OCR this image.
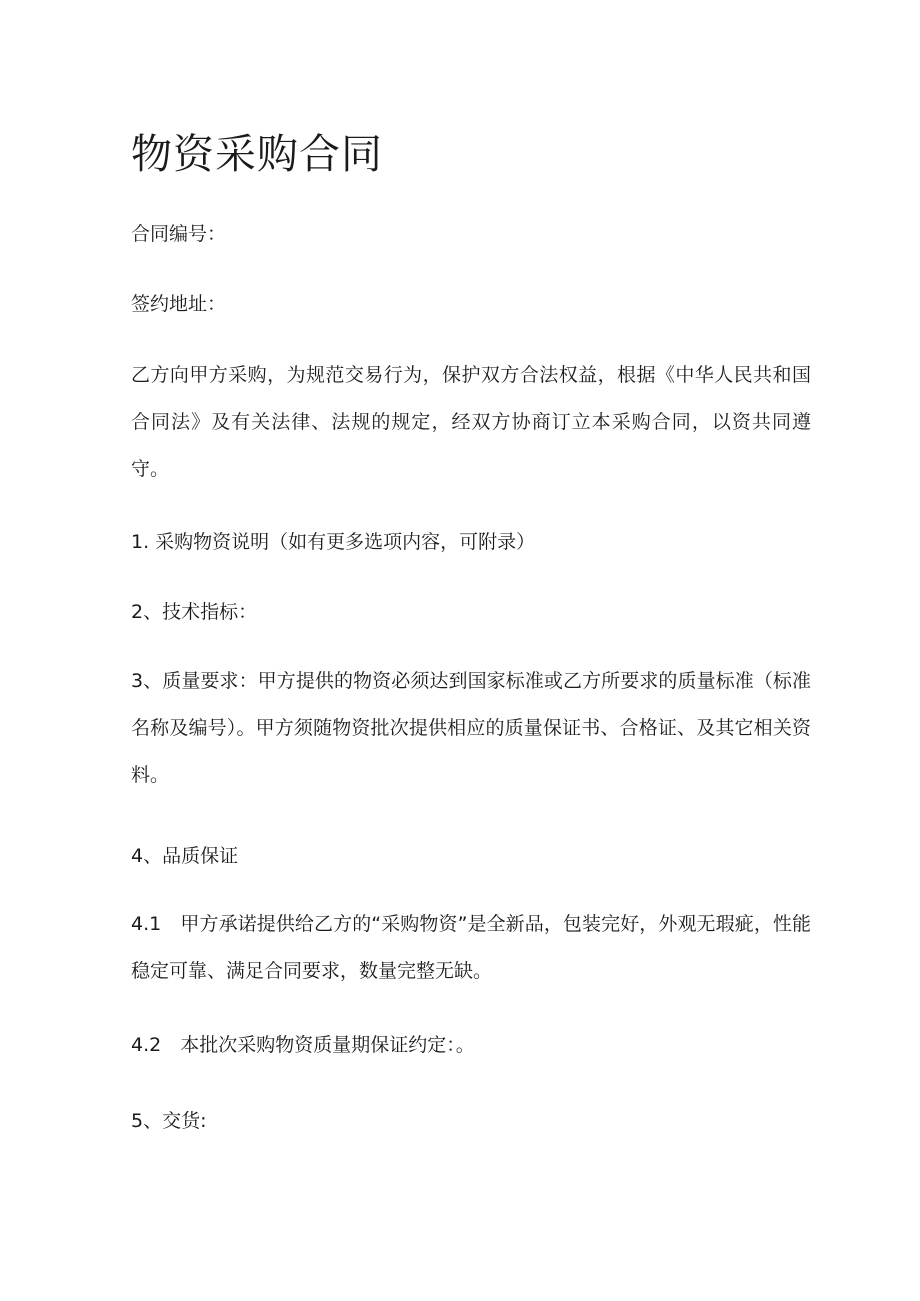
物资采购合同

合同编号：

签约地址：

乙方向甲方采购，为规范交易行为，保护双方合法权益，根据《中华人民共和国合同法》及有关法律、法规的规定，经双方协商订立本采购合同，以资共同遵守。

1. 采购物资说明（如有更多选项内容，可附录）

2、技术指标：

3、质量要求：甲方提供的物资必须达到国家标准或乙方所要求的质量标准（标准名称及编号）。甲方须随物资批次提供相应的质量保证书、合格证、及其它相关资料。

4、品质保证

4.1　甲方承诺提供给乙方的“采购物资”是全新品，包装完好，外观无瑕疵，性能稳定可靠、满足合同要求，数量完整无缺。

4.2　本批次采购物资质量期保证约定：。

5、交货:
